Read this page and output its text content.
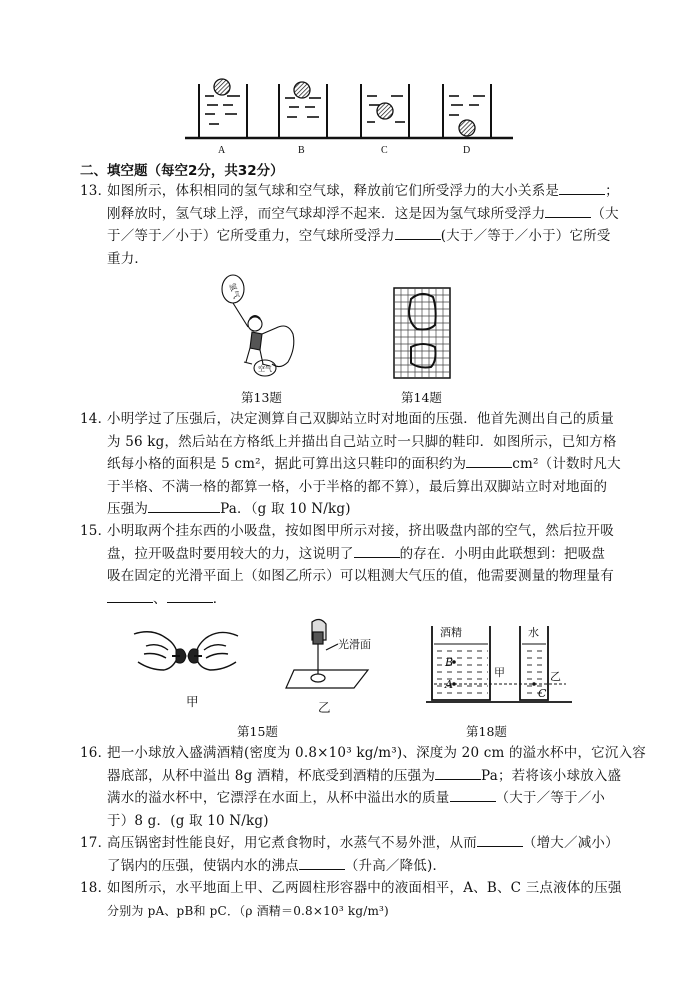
A	B	C	D
二、填空题（每空2分，共32分）
13．如图所示，体积相同的氢气球和空气球，释放前它们所受浮力的大小关系是	；
刚释放时，氢气球上浮，而空气球却浮不起来．这是因为氢气球所受浮力	（大
于／等于／小于）它所受重力，空气球所受浮力	(大于／等于／小于）它所受
重力．
氢气
空气
第13题	第14题
14．小明学过了压强后，决定测算自己双脚站立时对地面的压强．他首先测出自己的质量
为 56 kg，然后站在方格纸上并描出自己站立时一只脚的鞋印．如图所示，已知方格
纸每小格的面积是 5 cm²，据此可算出这只鞋印的面积约为	cm²（计数时凡大
于半格、不满一格的都算一格，小于半格的都不算），最后算出双脚站立时对地面的
压强为	Pa．（g 取 10 N/kg)
15．小明取两个挂东西的小吸盘，按如图甲所示对接，挤出吸盘内部的空气，然后拉开吸
盘，拉开吸盘时要用较大的力，这说明了	的存在．小明由此联想到：把吸盘
吸在固定的光滑平面上（如图乙所示）可以粗测大气压的值，他需要测量的物理量有
、	．
甲
光滑面
乙
酒精	水
B
A
C
甲	乙
第15题	第18题
16．把一小球放入盛满酒精(密度为 0.8×10³ kg/m³)、深度为 20 cm 的溢水杯中，它沉入容
器底部，从杯中溢出 8g 酒精，杯底受到酒精的压强为	Pa；若将该小球放入盛
满水的溢水杯中，它漂浮在水面上，从杯中溢出水的质量	（大于／等于／小
于）8 g．(g 取 10 N/kg)
17．高压锅密封性能良好，用它煮食物时，水蒸气不易外泄，从而	（增大／减小）
了锅内的压强，使锅内水的沸点	（升高／降低)．
18．如图所示，水平地面上甲、乙两圆柱形容器中的液面相平，A、B、C 三点液体的压强
分别为 pA、pB和 pC．（ρ 酒精＝0.8×10³ kg/m³)
